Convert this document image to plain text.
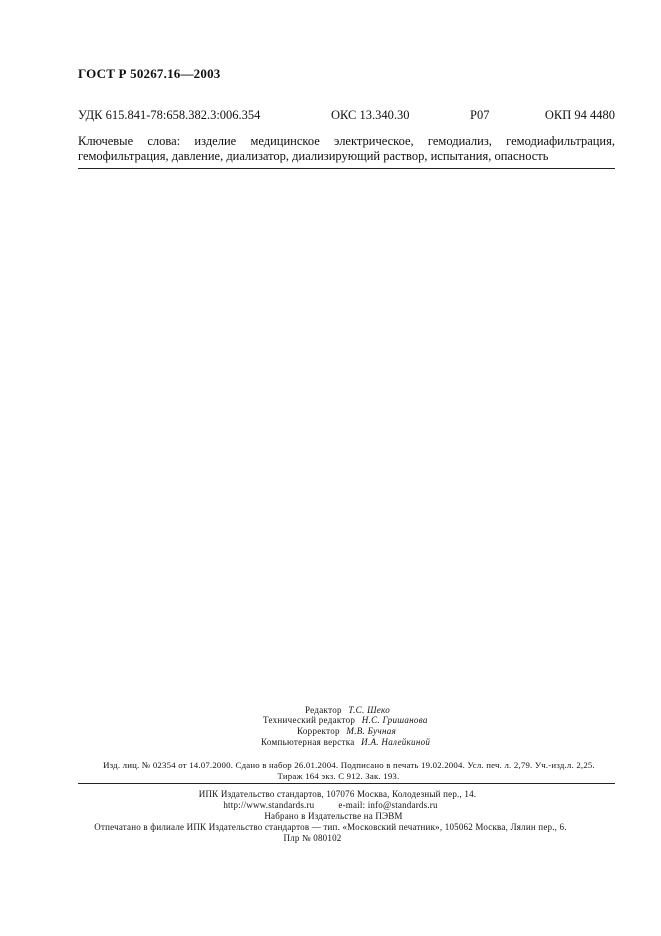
ГОСТ Р 50267.16—2003
УДК 615.841-78:658.382.3:006.354	ОКС 13.340.30	Р07	ОКП 94 4480
Ключевые слова: изделие медицинское электрическое, гемодиализ, гемодиафильтрация, гемофильтрация, давление, диализатор, диализирующий раствор, испытания, опасность
Редактор Т.С. Шеко
Технический редактор Н.С. Гришанова
Корректор М.В. Бучная
Компьютерная верстка И.А. Налейкиной
Изд. лиц. № 02354 от 14.07.2000. Сдано в набор 26.01.2004. Подписано в печать 19.02.2004. Усл. печ. л. 2,79. Уч.-изд.л. 2,25.
Тираж 164 экз. С 912. Зак. 193.
ИПК Издательство стандартов, 107076 Москва, Колодезный пер., 14.
http://www.standards.ru	e-mail: info@standards.ru
Набрано в Издательстве на ПЭВМ
Отпечатано в филиале ИПК Издательство стандартов — тип. «Московский печатник», 105062 Москва, Лялин пер., 6.
Плр № 080102
